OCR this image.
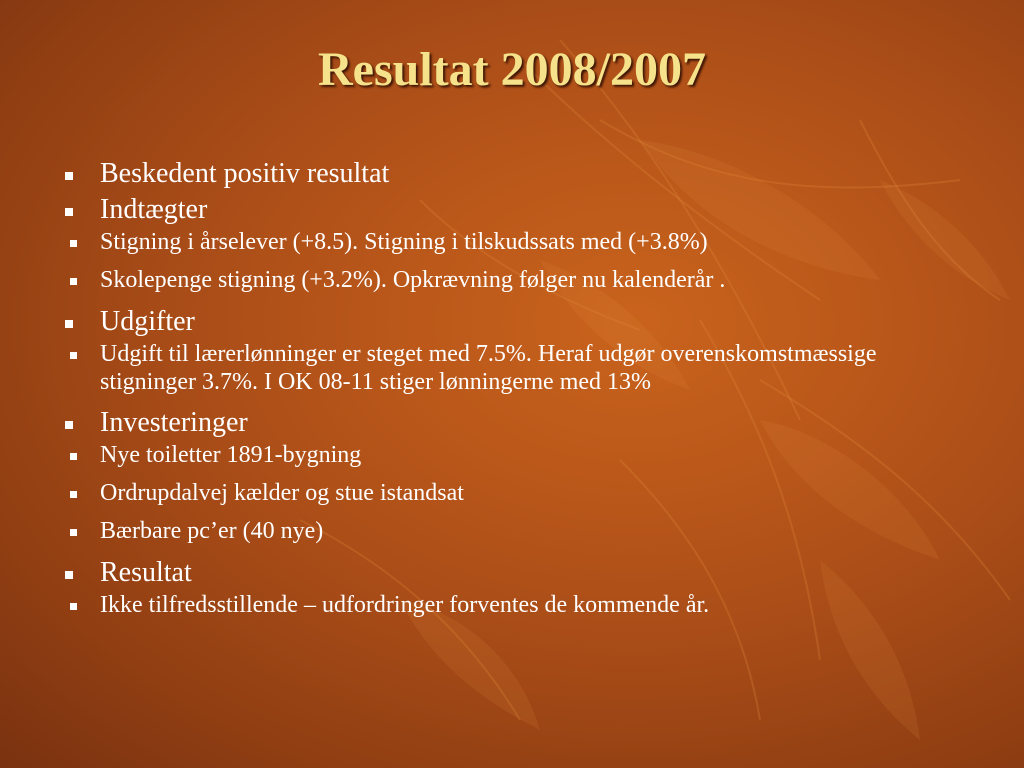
Resultat 2008/2007
Beskedent positiv resultat
Indtægter
Stigning i årselever (+8.5). Stigning i tilskudssats med (+3.8%)
Skolepenge stigning (+3.2%). Opkrævning følger nu kalenderår .
Udgifter
Udgift til lærerlønninger er steget med 7.5%. Heraf udgør overenskomstmæssige stigninger 3.7%. I OK 08-11 stiger lønningerne med 13%
Investeringer
Nye toiletter 1891-bygning
Ordrupdalvej kælder og stue istandsat
Bærbare pc’er (40 nye)
Resultat
Ikke tilfredsstillende – udfordringer forventes de kommende år.
